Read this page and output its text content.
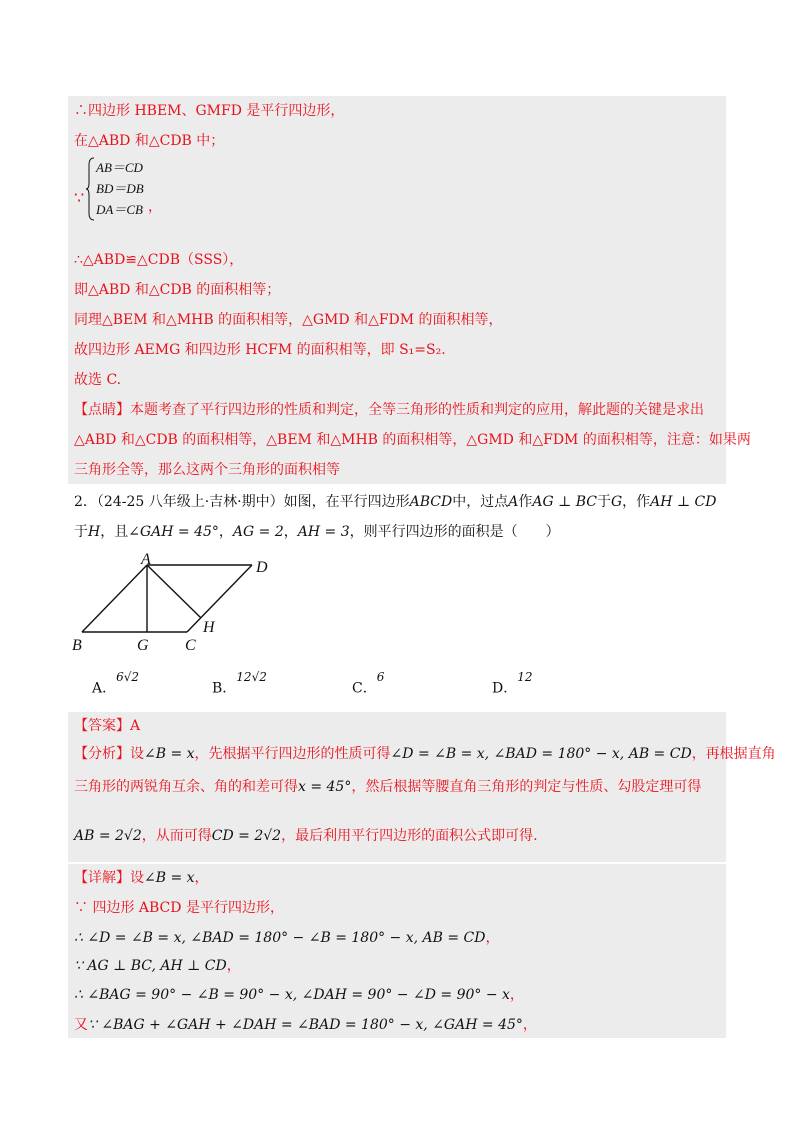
∴四边形 HBEM、GMFD 是平行四边形，
在△ABD 和△CDB 中；
∵
AB＝CD
BD＝DB
DA＝CB ，
∴△ABD≌△CDB（SSS），
即△ABD 和△CDB 的面积相等；
同理△BEM 和△MHB 的面积相等，△GMD 和△FDM 的面积相等，
故四边形 AEMG 和四边形 HCFM 的面积相等，即 S₁=S₂.
故选 C.
【点睛】本题考查了平行四边形的性质和判定，全等三角形的性质和判定的应用，解此题的关键是求出
△ABD 和△CDB 的面积相等，△BEM 和△MHB 的面积相等，△GMD 和△FDM 的面积相等，注意：如果两
三角形全等，那么这两个三角形的面积相等
2．（24-25 八年级上·吉林·期中）如图，在平行四边形ABCD中，过点A作AG ⊥ BC于G，作AH ⊥ CD
于H，且∠GAH = 45°，AG = 2，AH = 3，则平行四边形的面积是（　　）
A	D
B	G C
H
A．$^{6√2}$
B．$^{12√2}$
C．$^6$
D．$^{12}$
【答案】A
【分析】设∠B = x，先根据平行四边形的性质可得∠D = ∠B = x, ∠BAD = 180° − x, AB = CD，再根据直角
三角形的两锐角互余、角的和差可得x = 45°，然后根据等腰直角三角形的判定与性质、勾股定理可得
AB = 2√2，从而可得CD = 2√2，最后利用平行四边形的面积公式即可得.
【详解】设∠B = x，
∵ 四边形 ABCD 是平行四边形，
∴ ∠D = ∠B = x, ∠BAD = 180° − ∠B = 180° − x, AB = CD，
∵ AG ⊥ BC, AH ⊥ CD，
∴ ∠BAG = 90° − ∠B = 90° − x, ∠DAH = 90° − ∠D = 90° − x，
又∵ ∠BAG + ∠GAH + ∠DAH = ∠BAD = 180° − x, ∠GAH = 45°，
